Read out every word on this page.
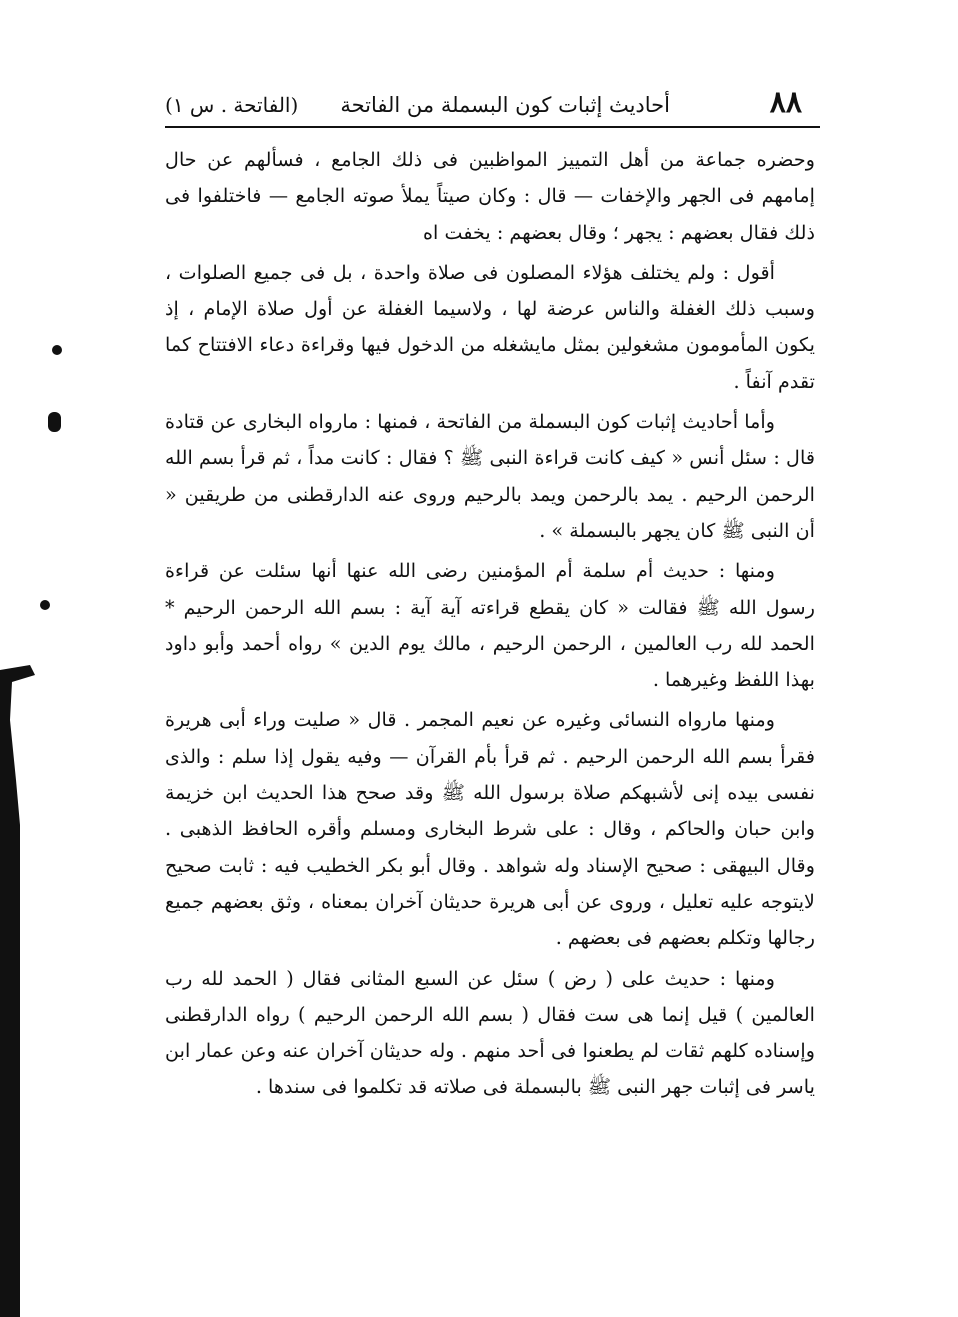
٨٨
أحاديث إثبات كون البسملة من الفاتحة
(الفاتحة . س ١)

وحضره جماعة من أهل التمييز المواظبين فى ذلك الجامع ، فسألهم عن حال إمامهم فى الجهر والإخفات — قال : وكان صيتاً يملأ صوته الجامع — فاختلفوا فى ذلك فقال بعضهم : يجهر ؛ وقال بعضهم : يخفت اه

أقول : ولم يختلف هؤلاء المصلون فى صلاة واحدة ، بل فى جميع الصلوات ، وسبب ذلك الغفلة والناس عرضة لها ، ولاسيما الغفلة عن أول صلاة الإمام ، إذ يكون المأمومون مشغولين بمثل مايشغله من الدخول فيها وقراءة دعاء الافتتاح كما تقدم آنفاً .

وأما أحاديث إثبات كون البسملة من الفاتحة ، فمنها : مارواه البخارى عن قتادة قال : سئل أنس « كيف كانت قراءة النبى ﷺ ؟ فقال : كانت مداً ، ثم قرأ بسم الله الرحمن الرحيم . يمد بالرحمن ويمد بالرحيم وروى عنه الدارقطنى من طريقين « أن النبى ﷺ كان يجهر بالبسملة » .

ومنها : حديث أم سلمة أم المؤمنين رضى الله عنها أنها سئلت عن قراءة رسول الله ﷺ فقالت « كان يقطع قراءته آية آية : بسم الله الرحمن الرحيم * الحمد لله رب العالمين ، الرحمن الرحيم ، مالك يوم الدين » رواه أحمد وأبو داود بهذا اللفظ وغيرهما .

ومنها مارواه النسائى وغيره عن نعيم المجمر . قال « صليت وراء أبى هريرة فقرأ بسم الله الرحمن الرحيم . ثم قرأ بأم القرآن — وفيه يقول إذا سلم : والذى نفسى بيده إنى لأشبهكم صلاة برسول الله ﷺ وقد صحح هذا الحديث ابن خزيمة وابن حبان والحاكم ، وقال : على شرط البخارى ومسلم وأقره الحافظ الذهبى . وقال البيهقى : صحيح الإسناد وله شواهد . وقال أبو بكر الخطيب فيه : ثابت صحيح لايتوجه عليه تعليل ، وروى عن أبى هريرة حديثان آخران بمعناه ، وثق بعضهم جميع رجالها وتكلم بعضهم فى بعضهم .

ومنها : حديث على ( رض ) سئل عن السبع المثانى فقال ( الحمد لله رب العالمين ) قيل إنما هى ست فقال ( بسم الله الرحمن الرحيم ) رواه الدارقطنى وإسناده كلهم ثقات لم يطعنوا فى أحد منهم . وله حديثان آخران عنه وعن عمار ابن ياسر فى إثبات جهر النبى ﷺ بالبسملة فى صلاته قد تكلموا فى سندها .
